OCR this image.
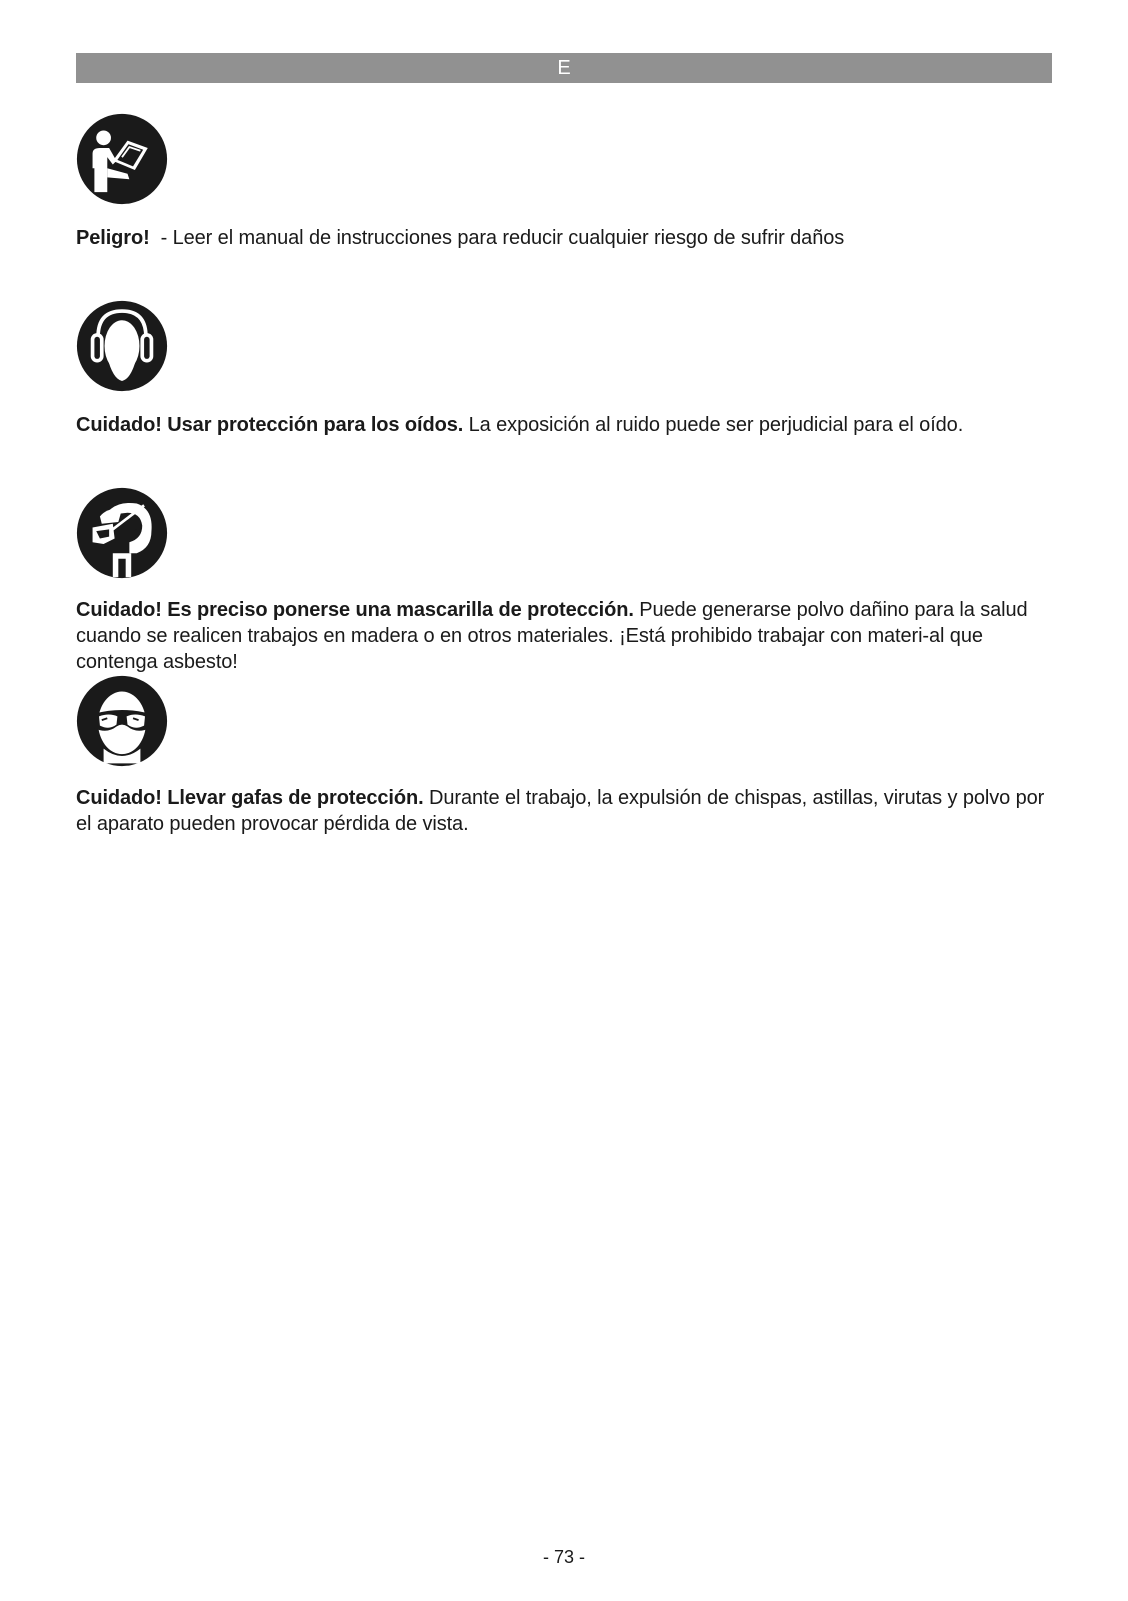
E

Peligro!  - Leer el manual de instrucciones para reducir cualquier riesgo de sufrir daños

Cuidado! Usar protección para los oídos. La exposición al ruido puede ser perjudicial para el oído.

Cuidado! Es preciso ponerse una mascarilla de protección. Puede generarse polvo dañino para la salud cuando se realicen trabajos en madera o en otros materiales. ¡Está prohibido trabajar con materi-al que contenga asbesto!

Cuidado! Llevar gafas de protección. Durante el trabajo, la expulsión de chispas, astillas, virutas y polvo por el aparato pueden provocar pérdida de vista.

- 73 -
